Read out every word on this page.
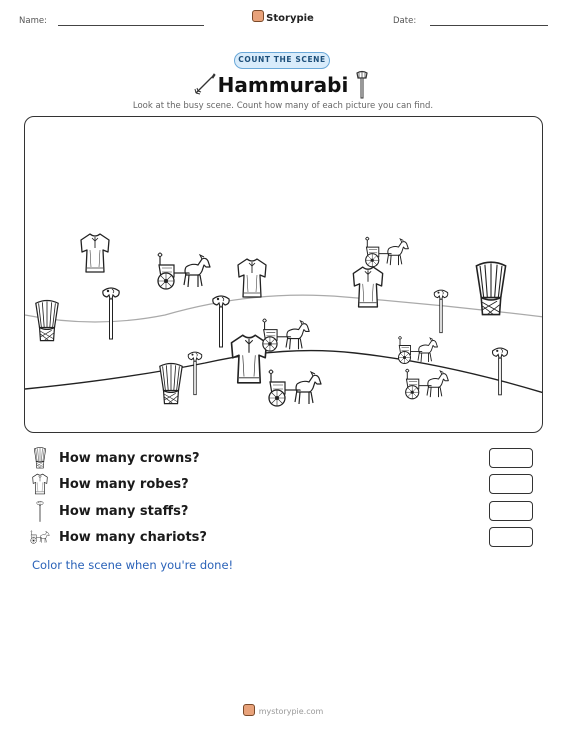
Name:	Storypie	Date:
COUNT THE SCENE
Hammurabi
Look at the busy scene. Count how many of each picture you can find.
How many crowns?
How many robes?
How many staffs?
How many chariots?
Color the scene when you're done!
mystorypie.com
